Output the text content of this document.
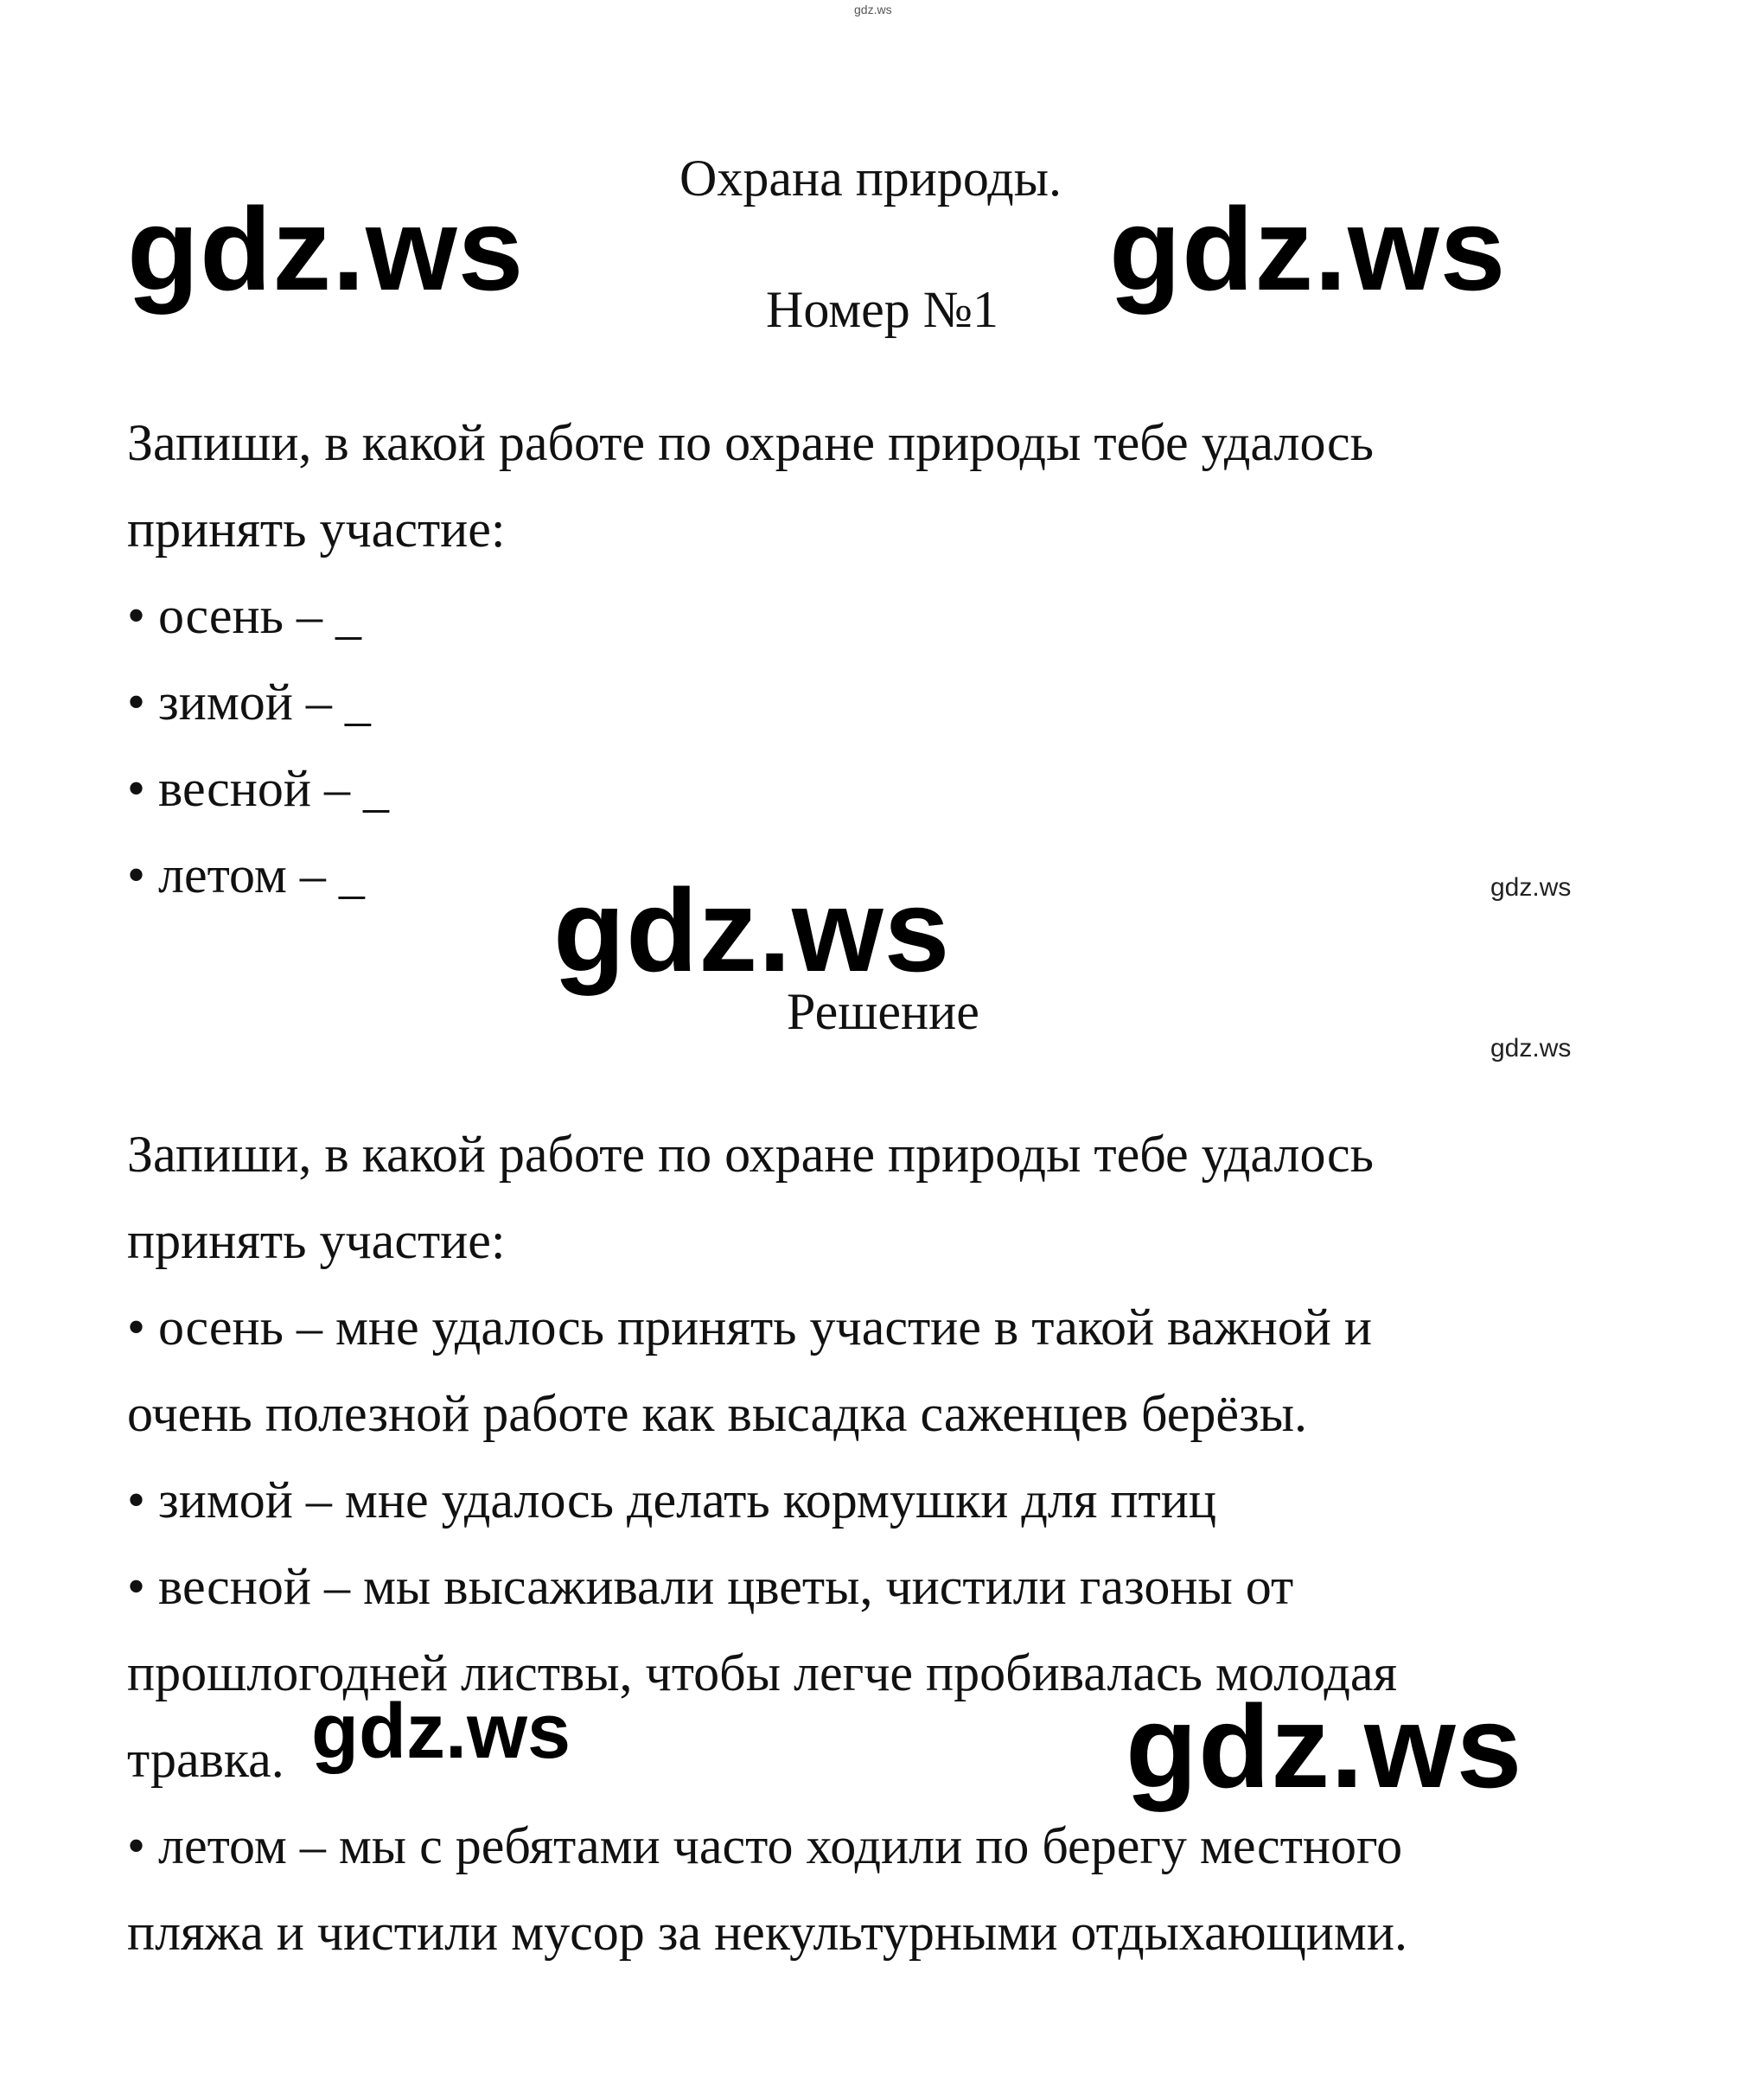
gdz.ws
Охрана природы.
Номер №1
gdz.ws	gdz.ws
Запиши, в какой работе по охране природы тебе удалось
принять участие:
• осень – _
• зимой – _
• весной – _
• летом – _	gdz.ws
gdz.ws
Решение
gdz.ws
Запиши, в какой работе по охране природы тебе удалось
принять участие:
• осень – мне удалось принять участие в такой важной и
очень полезной работе как высадка саженцев берёзы.
• зимой – мне удалось делать кормушки для птиц
• весной – мы высаживали цветы, чистили газоны от
прошлогодней листвы, чтобы легче пробивалась молодая
травка.
• летом – мы с ребятами часто ходили по берегу местного
пляжа и чистили мусор за некультурными отдыхающими.
gdz.ws	gdz.ws
